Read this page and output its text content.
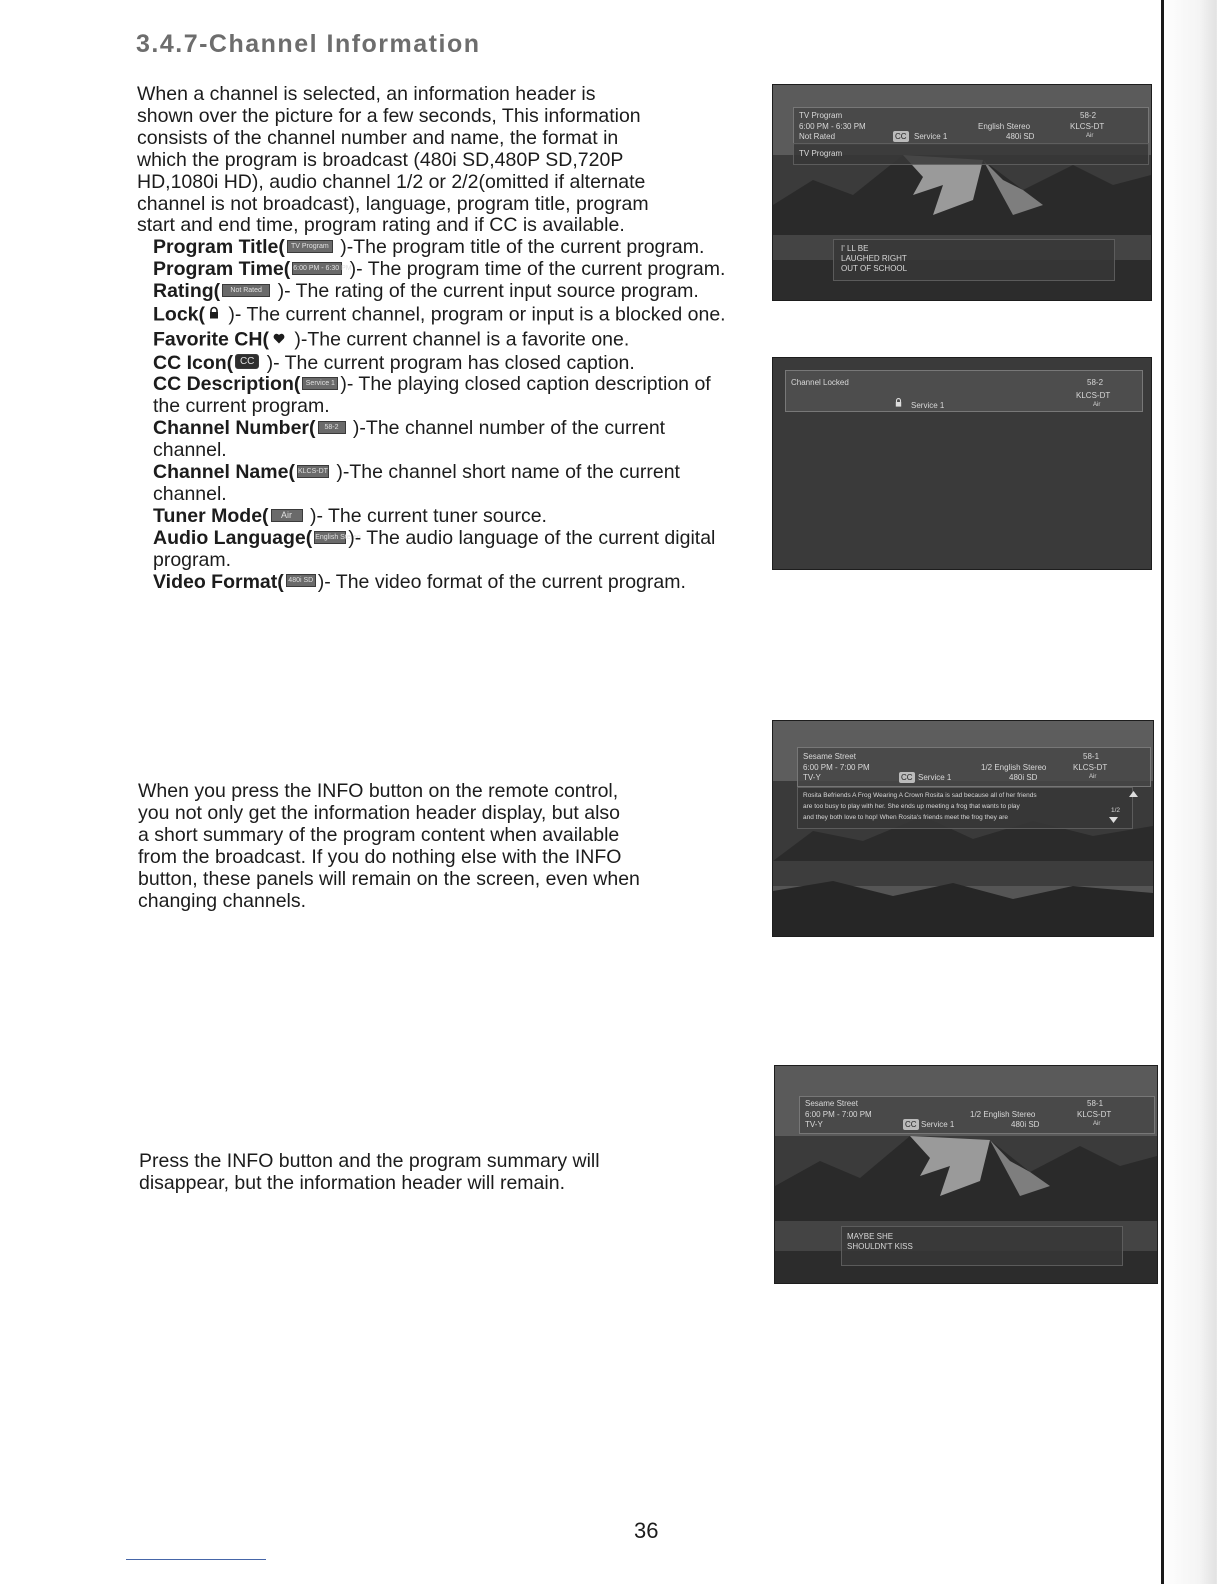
3.4.7-Channel Information
When a channel is selected, an information header is
shown over the picture for a few seconds, This information
consists of the channel number and name, the format in
which the program is broadcast (480i SD,480P SD,720P
HD,1080i HD), audio channel 1/2 or 2/2(omitted if alternate
channel is not broadcast), language, program title, program
start and end time, program rating and if CC is available.
Program Title( TV Program )-The program title of the current program.
Program Time( 6:00 PM - 6:30 PM )- The program time of the current program.
Rating( Not Rated )- The rating of the current input source program.
Lock( )- The current channel, program or input is a blocked one.
Favorite CH( )-The current channel is a favorite one.
CC Icon( CC )- The current program has closed caption.
CC Description( Service 1 )- The playing closed caption description of
the current program.
Channel Number( 58-2 )-The channel number of the current
channel.
Channel Name( KLCS-DT )-The channel short name of the current
channel.
Tuner Mode( Air )- The current tuner source.
Audio Language( English Stereo)- The audio language of the current digital
program.
Video Format( 480i SD )- The video format of the current program.
TV Program
6:00 PM - 6:30 PM
Not Rated	CC Service 1
English Stereo
480i SD
58-2
KLCS-DT
Air
TV Program
I' LL BE
LAUGHED RIGHT
OUT OF SCHOOL
Channel Locked
Service 1
58-2
KLCS-DT
Air
When you press the INFO button on the remote control,
you not only get the information header display, but also
a short summary of the program content when available
from the broadcast. If you do nothing else with the INFO
button, these panels will remain on the screen, even when
changing channels.
Sesame Street
6:00 PM - 7:00 PM
TV-Y	CC Service 1
1/2 English Stereo
480i SD
58-1
KLCS-DT
Air
Rosita Befriends A Frog Wearing A Crown Rosita is sad because all of her friends
are too busy to play with her. She ends up meeting a frog that wants to play
and they both love to hop! When Rosita's friends meet the frog they are
1/2
Press the INFO button and the program summary will
disappear, but the information header will remain.
Sesame Street
6:00 PM - 7:00 PM
TV-Y	CC Service 1
1/2 English Stereo
480i SD
58-1
KLCS-DT
Air
MAYBE SHE
SHOULDN'T KISS

36
